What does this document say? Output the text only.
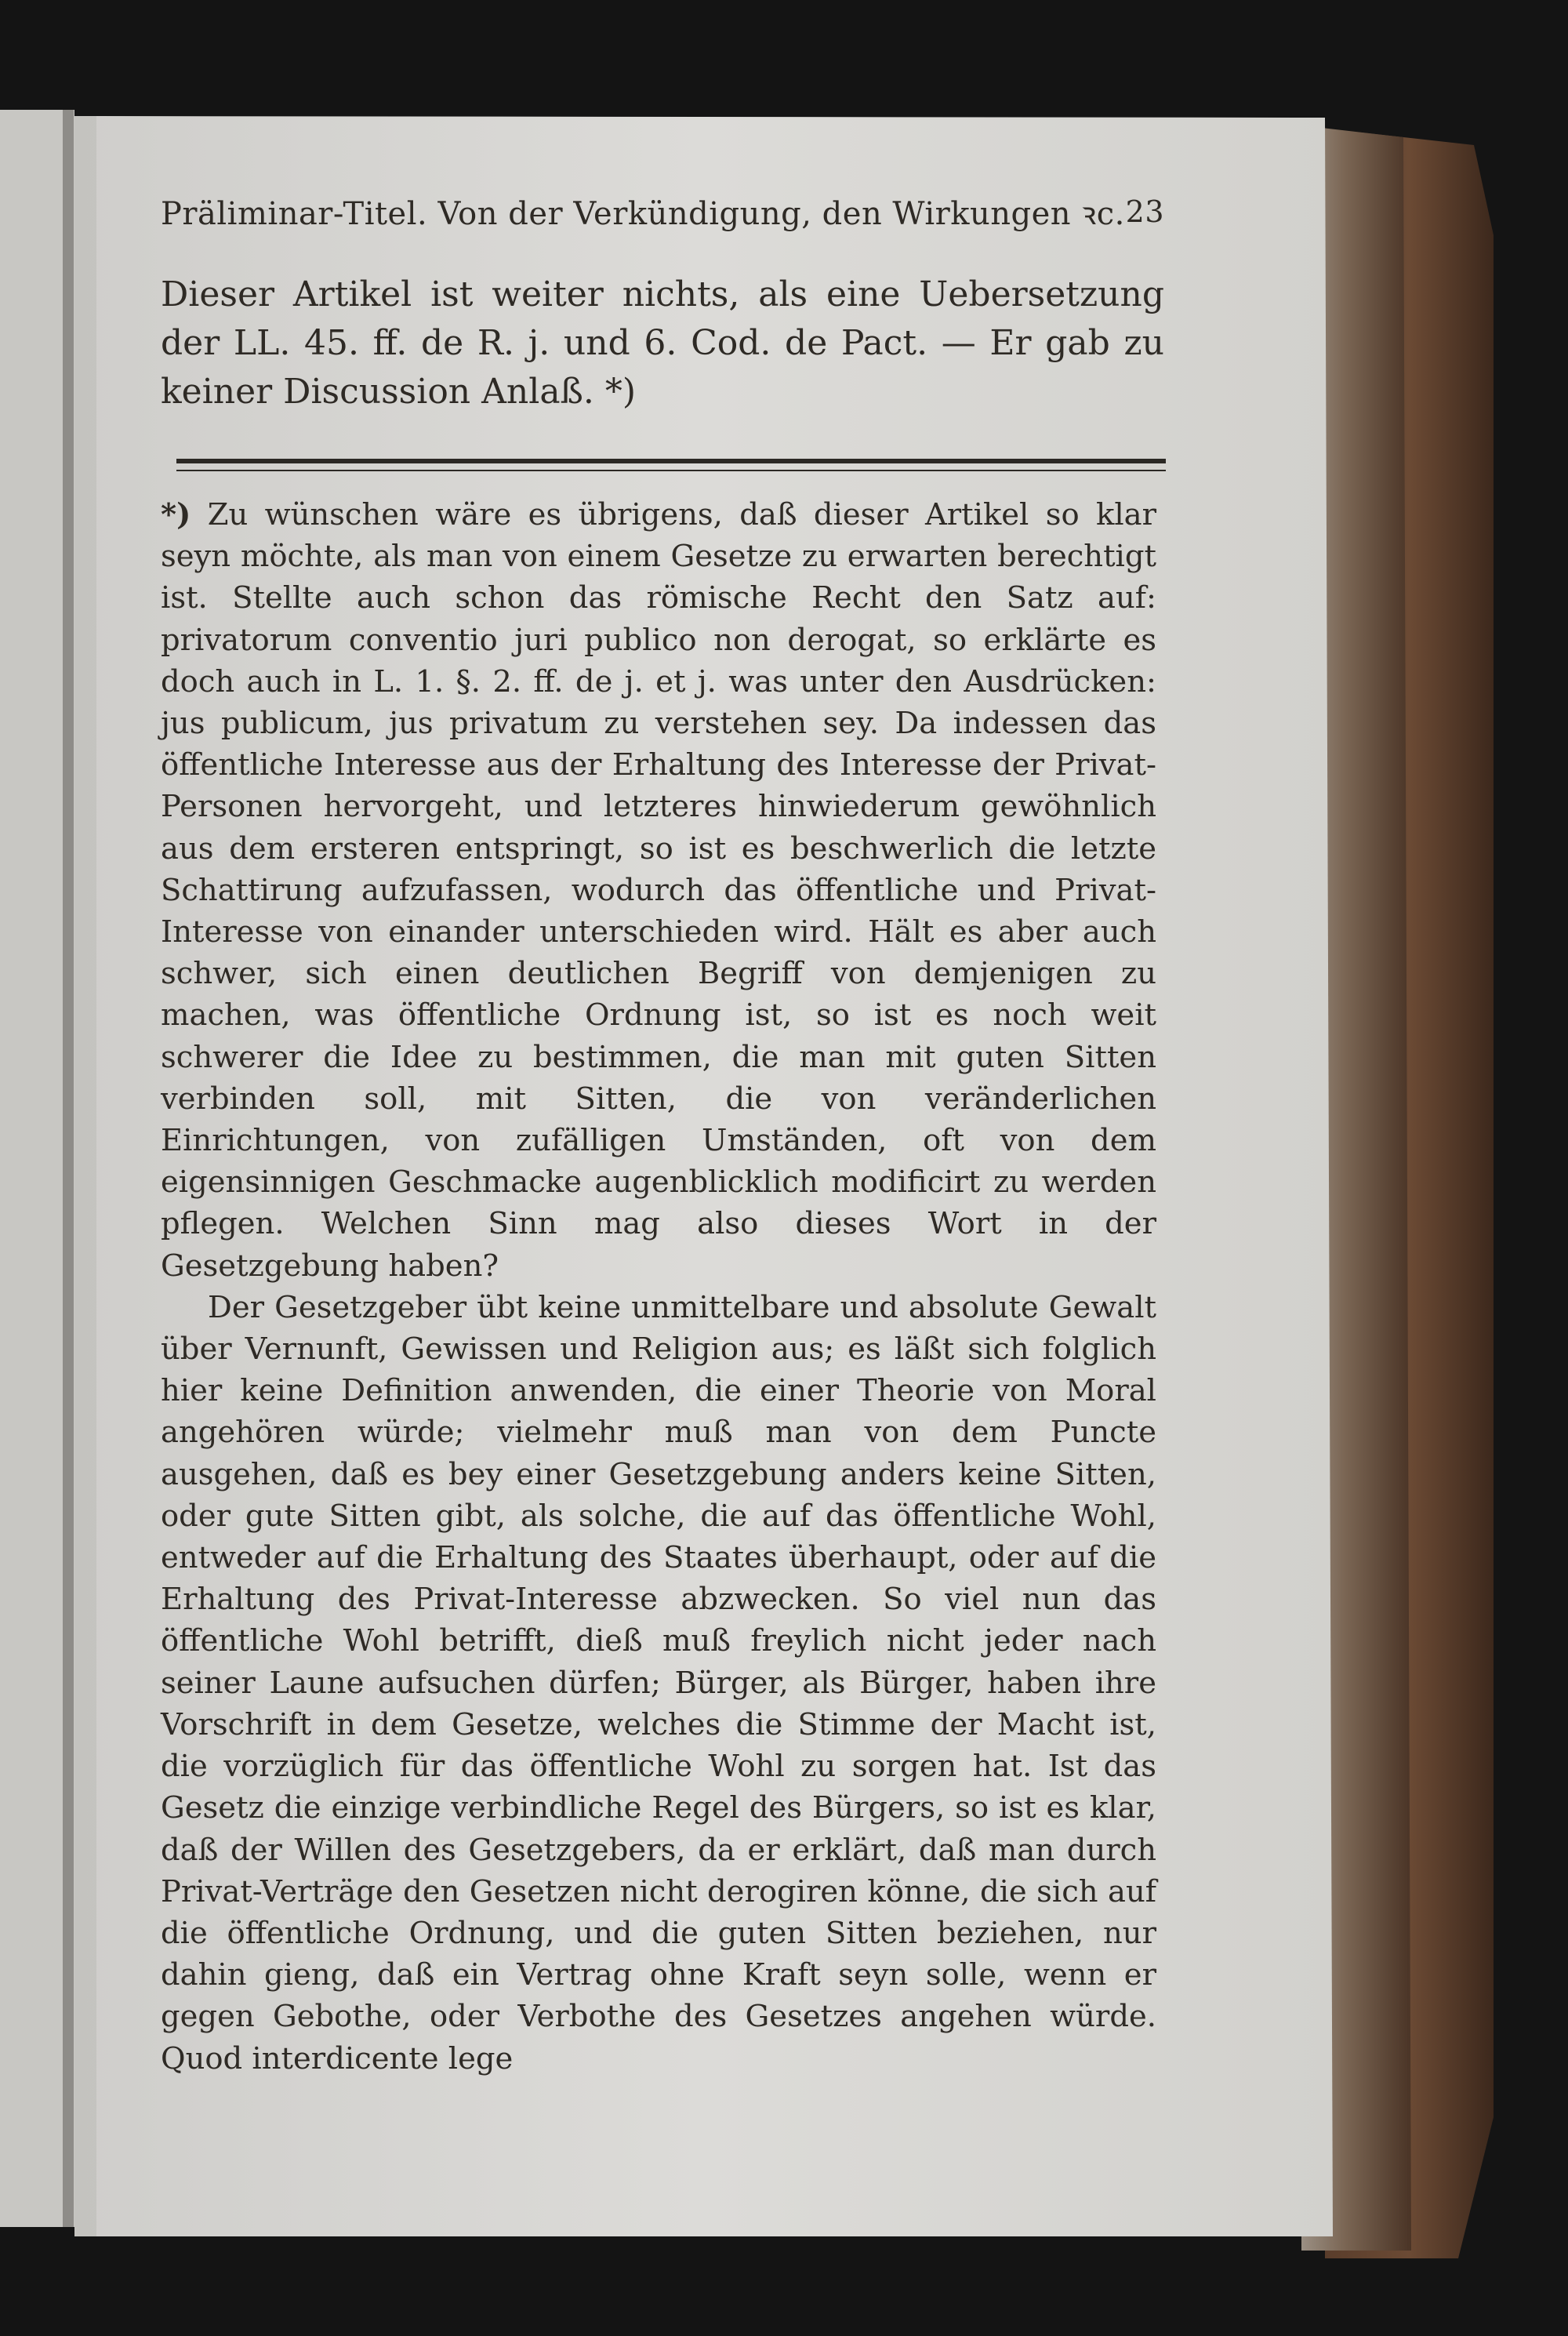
Präliminar-Titel. Von der Verkündigung, den Wirkungen ꝛc. 23

Dieser Artikel ist weiter nichts, als eine Uebersetzung der LL. 45. ff. de R. j. und 6. Cod. de Pact. — Er gab zu keiner Discussion Anlaß. *)

*) Zu wünschen wäre es übrigens, daß dieser Artikel so klar seyn möchte, als man von einem Gesetze zu erwarten berechtigt ist. Stellte auch schon das römische Recht den Satz auf: privatorum conventio juri publico non derogat, so erklärte es doch auch in L. 1. §. 2. ff. de j. et j. was unter den Ausdrücken: jus publicum, jus privatum zu verstehen sey. Da indessen das öffentliche Interesse aus der Erhaltung des Interesse der Privat-Personen hervorgeht, und letzteres hinwiederum gewöhnlich aus dem ersteren entspringt, so ist es beschwerlich die letzte Schattirung aufzufassen, wodurch das öffentliche und Privat-Interesse von einander unterschieden wird. Hält es aber auch schwer, sich einen deutlichen Begriff von demjenigen zu machen, was öffentliche Ordnung ist, so ist es noch weit schwerer die Idee zu bestimmen, die man mit guten Sitten verbinden soll, mit Sitten, die von veränderlichen Einrichtungen, von zufälligen Umständen, oft von dem eigensinnigen Geschmacke augenblicklich modificirt zu werden pflegen. Welchen Sinn mag also dieses Wort in der Gesetzgebung haben?

Der Gesetzgeber übt keine unmittelbare und absolute Gewalt über Vernunft, Gewissen und Religion aus; es läßt sich folglich hier keine Definition anwenden, die einer Theorie von Moral angehören würde; vielmehr muß man von dem Puncte ausgehen, daß es bey einer Gesetzgebung anders keine Sitten, oder gute Sitten gibt, als solche, die auf das öffentliche Wohl, entweder auf die Erhaltung des Staates überhaupt, oder auf die Erhaltung des Privat-Interesse abzwecken. So viel nun das öffentliche Wohl betrifft, dieß muß freylich nicht jeder nach seiner Laune aufsuchen dürfen; Bürger, als Bürger, haben ihre Vorschrift in dem Gesetze, welches die Stimme der Macht ist, die vorzüglich für das öffentliche Wohl zu sorgen hat. Ist das Gesetz die einzige verbindliche Regel des Bürgers, so ist es klar, daß der Willen des Gesetzgebers, da er erklärt, daß man durch Privat-Verträge den Gesetzen nicht derogiren könne, die sich auf die öffentliche Ordnung, und die guten Sitten beziehen, nur dahin gieng, daß ein Vertrag ohne Kraft seyn solle, wenn er gegen Gebothe, oder Verbothe des Gesetzes angehen würde. Quod interdicente lege
